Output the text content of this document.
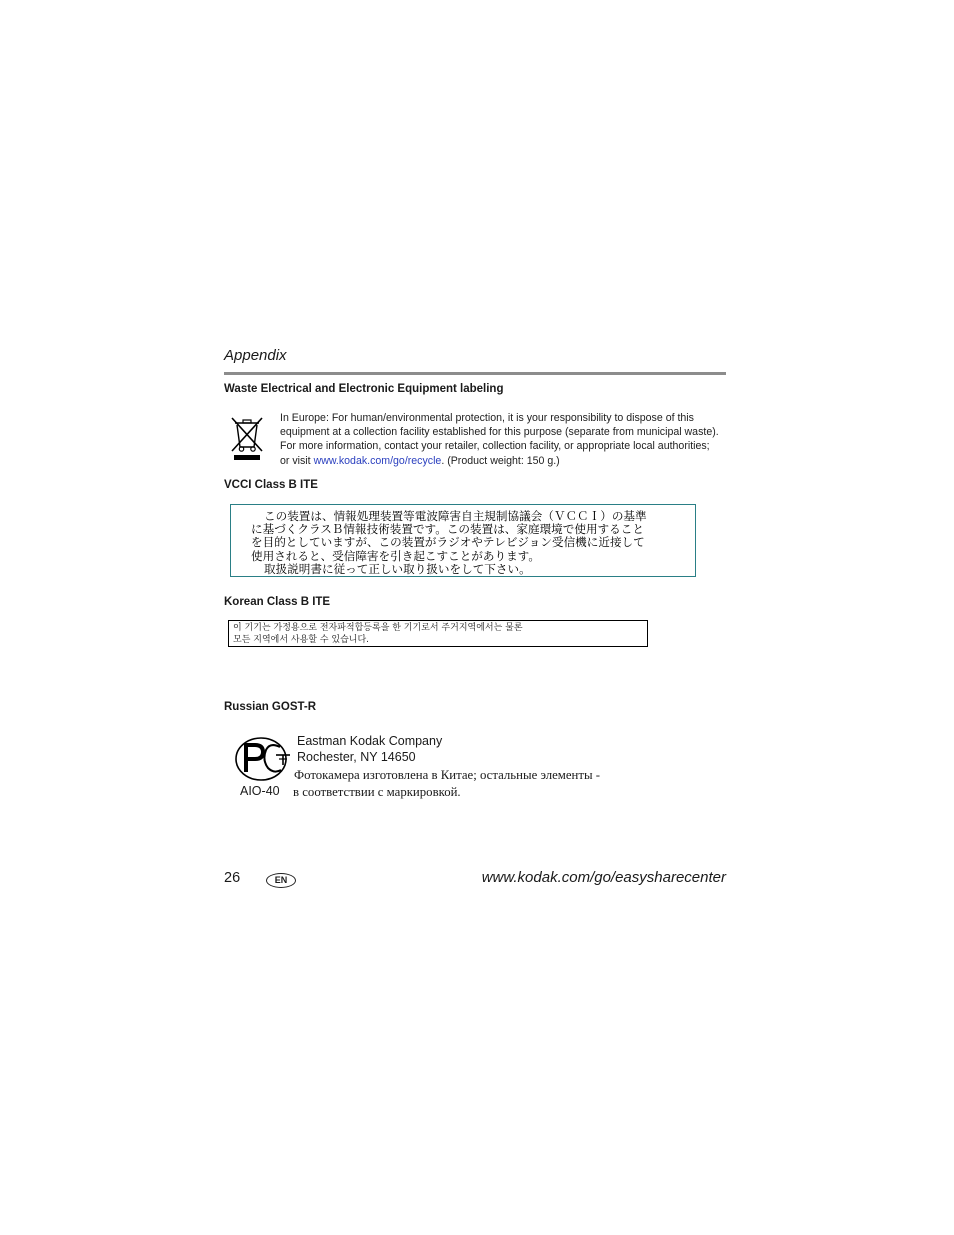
Appendix
Waste Electrical and Electronic Equipment labeling
In Europe: For human/environmental protection, it is your responsibility to dispose of this equipment at a collection facility established for this purpose (separate from municipal waste). For more information, contact your retailer, collection facility, or appropriate local authorities; or visit www.kodak.com/go/recycle. (Product weight: 150 g.)
VCCI Class B ITE
この装置は、情報処理装置等電波障害自主規制協議会（ＶＣＣＩ）の基準
に基づくクラスＢ情報技術装置です。この装置は、家庭環境で使用すること
を目的としていますが、この装置がラジオやテレビジョン受信機に近接して
使用されると、受信障害を引き起こすことがあります。
取扱説明書に従って正しい取り扱いをして下さい。
Korean Class B ITE
이 기기는 가정용으로 전자파적합등록을 한 기기로서 주거지역에서는 물론
모든 지역에서 사용할 수 있습니다.
Russian GOST-R
Eastman Kodak Company
Rochester, NY 14650
Фотокамера изготовлена в Китае; остальные элементы -
в соответствии с маркировкой.
AIO-40
26	EN	www.kodak.com/go/easysharecenter
